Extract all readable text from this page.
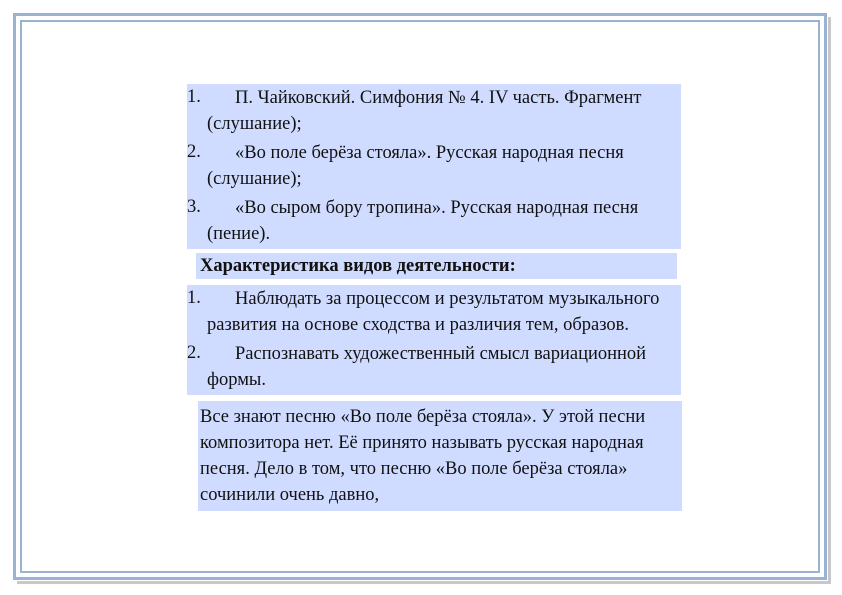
1.	П. Чайковский. Симфония № 4. IV часть. Фрагмент (слушание);
2.	«Во поле берёза стояла». Русская народная песня (слушание);
3.	«Во сыром бору тропина». Русская народная песня (пение).
Характеристика видов деятельности:
1.	Наблюдать за процессом и результатом музыкального развития на основе сходства и различия тем, образов.
2.	Распознавать художественный смысл вариационной формы.
Все знают песню «Во поле берёза стояла». У этой песни композитора нет. Её принято называть русская народная песня. Дело в том, что песню «Во поле берёза стояла» сочинили очень давно,
